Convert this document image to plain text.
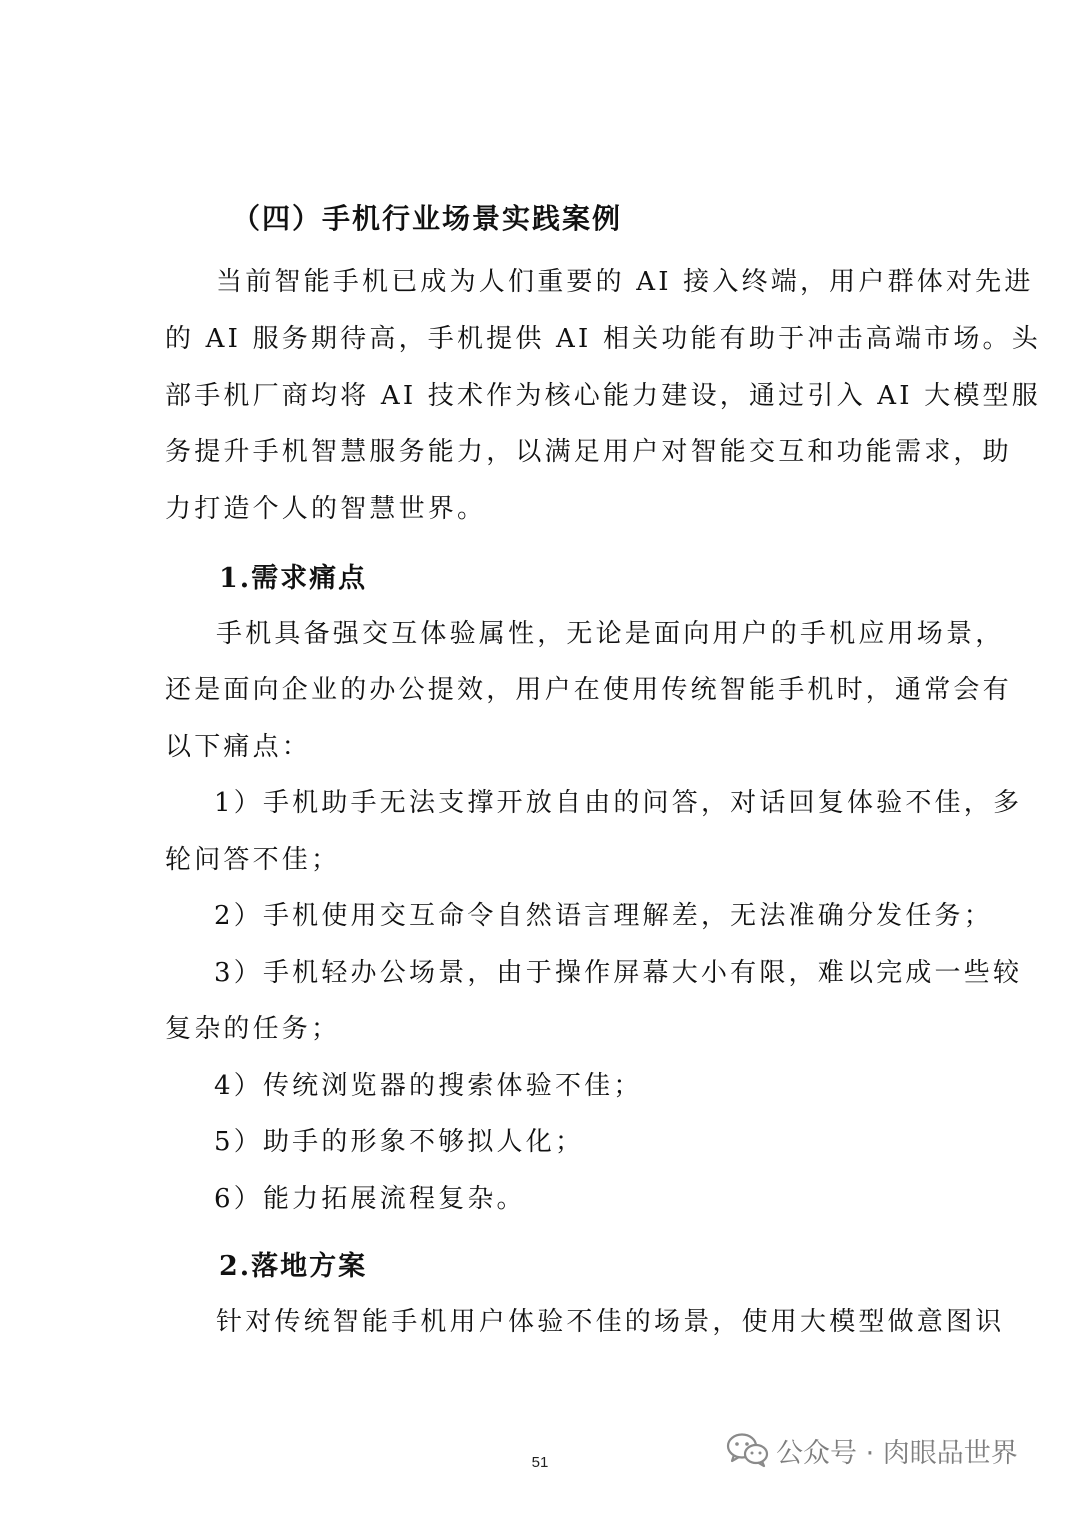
（四）手机行业场景实践案例
当前智能手机已成为人们重要的 AI 接入终端，用户群体对先进
的 AI 服务期待高，手机提供 AI 相关功能有助于冲击高端市场。头
部手机厂商均将 AI 技术作为核心能力建设，通过引入 AI 大模型服
务提升手机智慧服务能力，以满足用户对智能交互和功能需求，助
力打造个人的智慧世界。
1.需求痛点
手机具备强交互体验属性，无论是面向用户的手机应用场景，
还是面向企业的办公提效，用户在使用传统智能手机时，通常会有
以下痛点：
1）手机助手无法支撑开放自由的问答，对话回复体验不佳，多
轮问答不佳；
2）手机使用交互命令自然语言理解差，无法准确分发任务；
3）手机轻办公场景，由于操作屏幕大小有限，难以完成一些较
复杂的任务；
4）传统浏览器的搜索体验不佳；
5）助手的形象不够拟人化；
6）能力拓展流程复杂。
2.落地方案
针对传统智能手机用户体验不佳的场景，使用大模型做意图识
51	公众号 · 肉眼品世界
